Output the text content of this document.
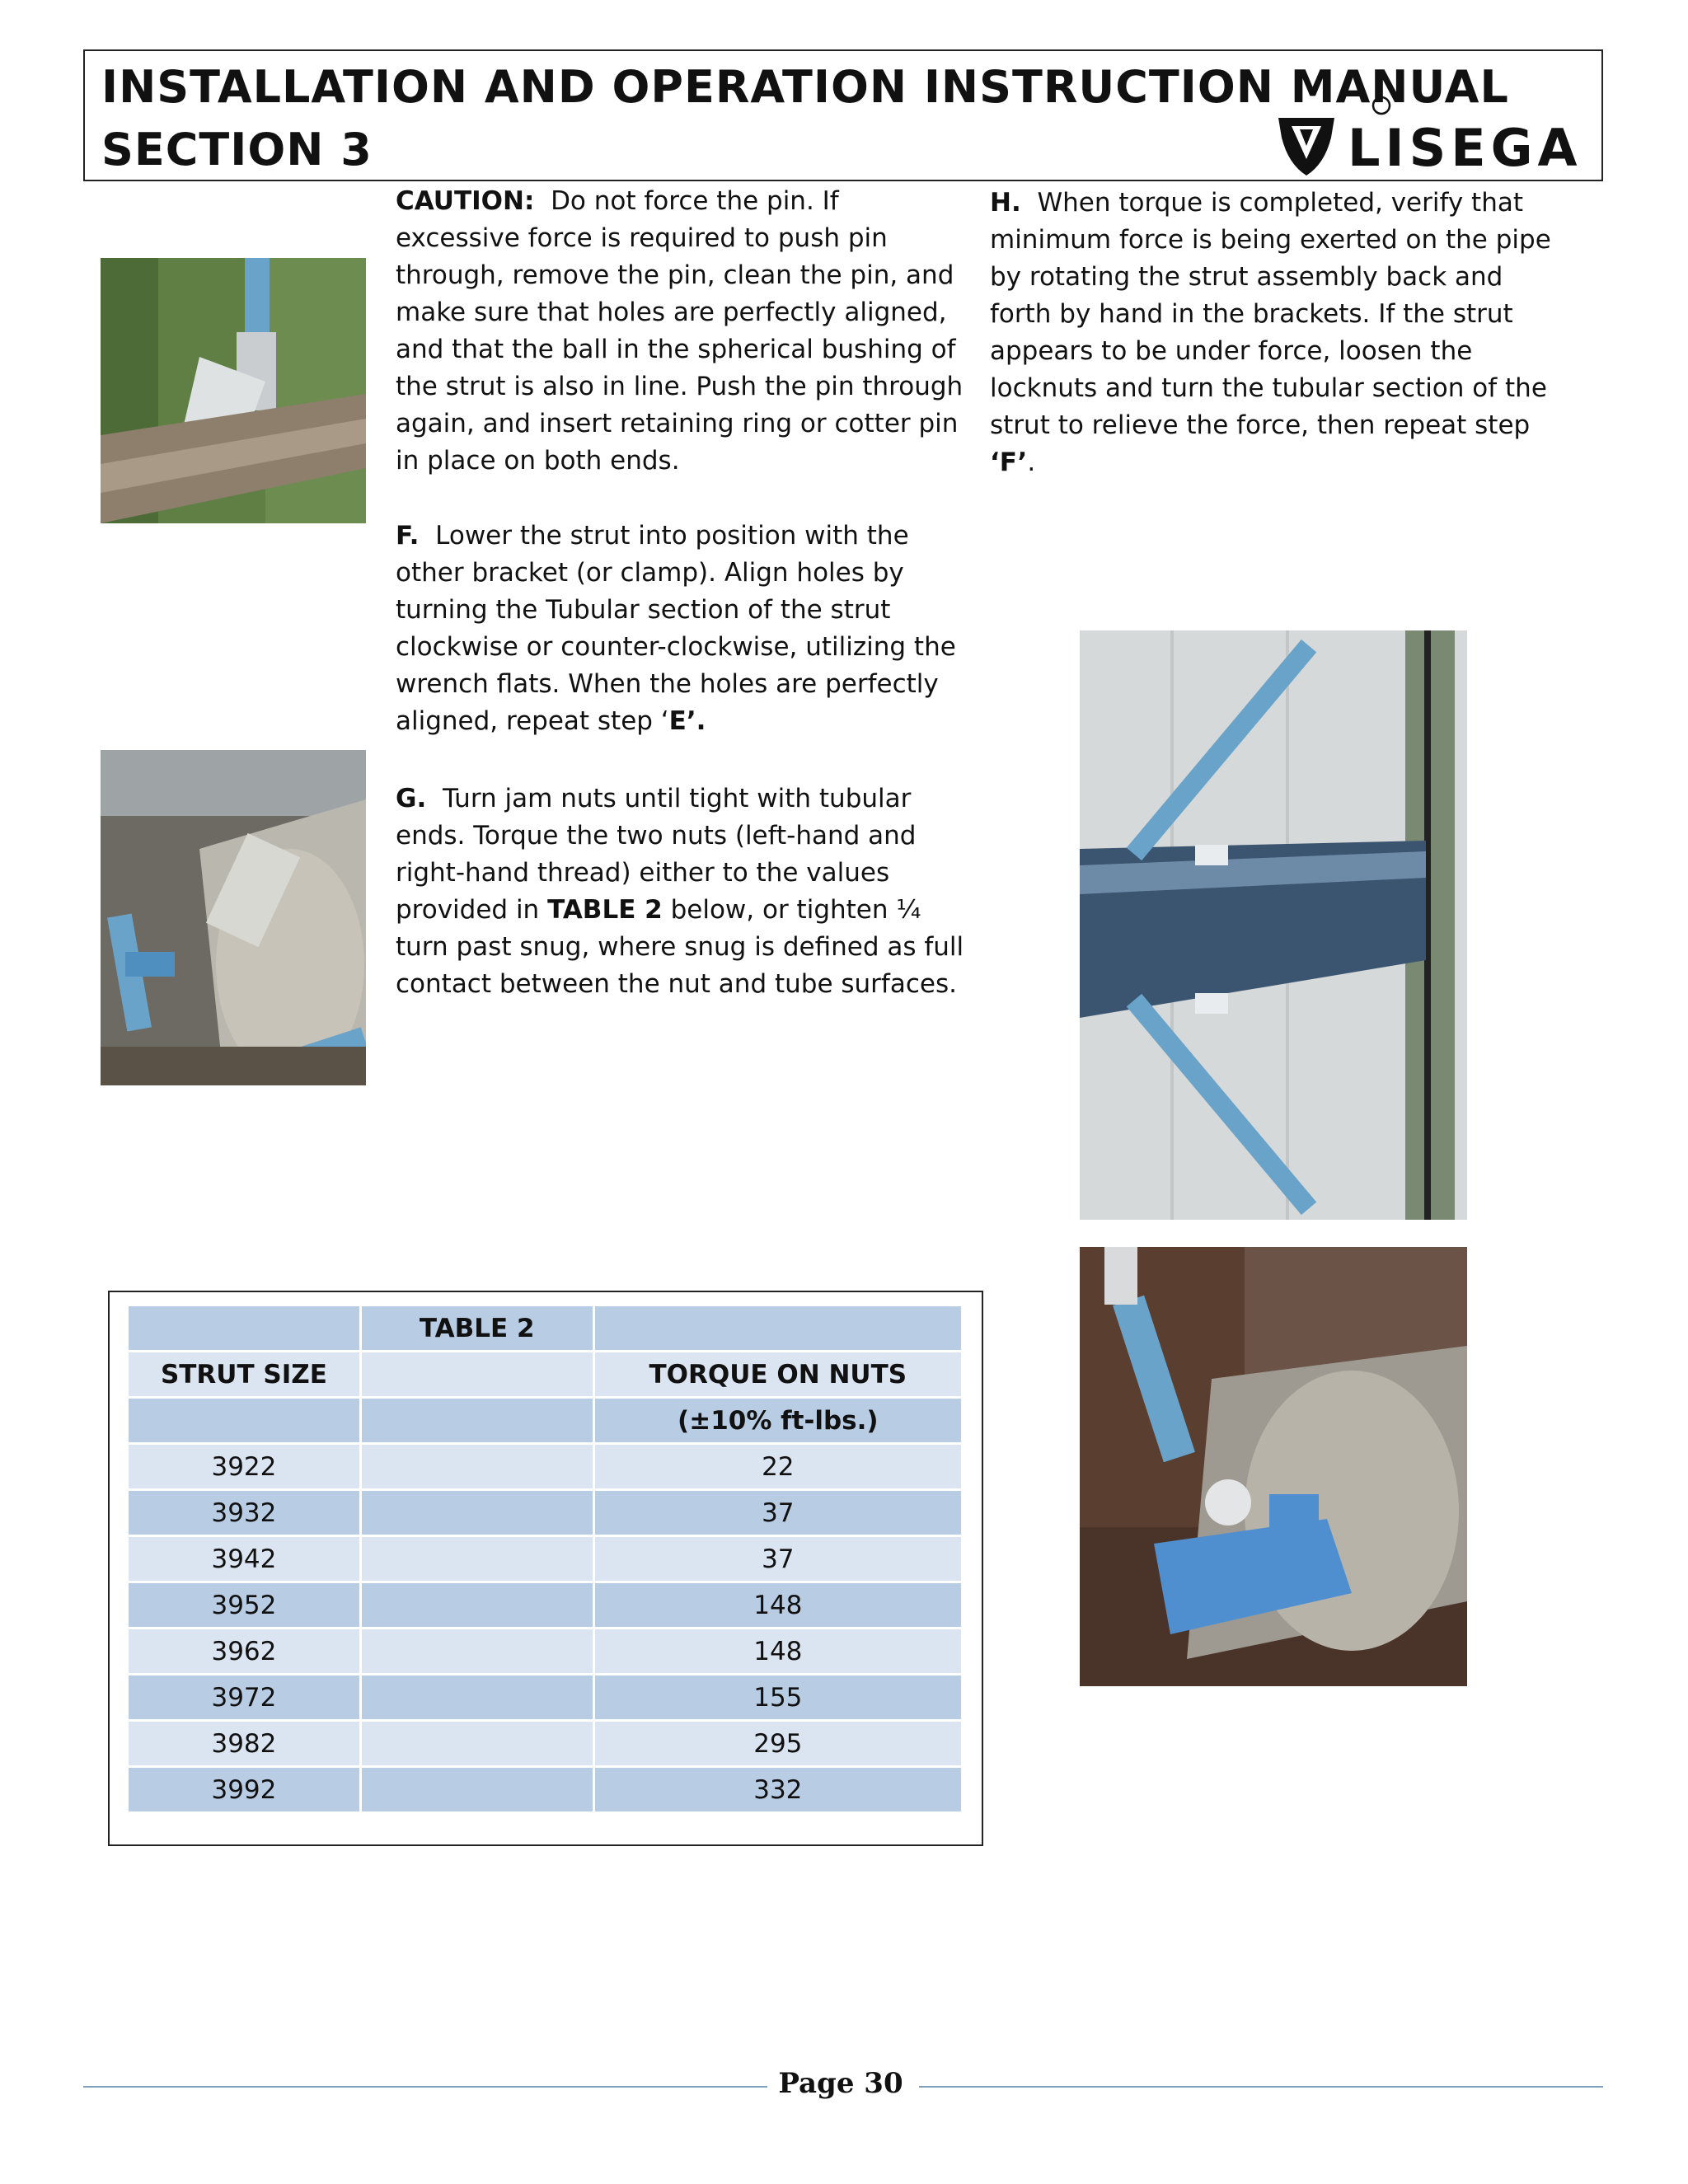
INSTALLATION AND OPERATION INSTRUCTION MANUAL
SECTION 3	LISEGA
CAUTION: Do not force the pin. If excessive force is required to push pin through, remove the pin, clean the pin, and make sure that holes are perfectly aligned, and that the ball in the spherical bushing of the strut is also in line. Push the pin through again, and insert retaining ring or cotter pin in place on both ends.
F. Lower the strut into position with the other bracket (or clamp). Align holes by turning the Tubular section of the strut clockwise or counter-clockwise, utilizing the wrench flats. When the holes are perfectly aligned, repeat step ‘E’.
G. Turn jam nuts until tight with tubular ends. Torque the two nuts (left-hand and right-hand thread) either to the values provided in TABLE 2 below, or tighten ¼ turn past snug, where snug is defined as full contact between the nut and tube surfaces.
H. When torque is completed, verify that minimum force is being exerted on the pipe by rotating the strut assembly back and forth by hand in the brackets. If the strut appears to be under force, loosen the locknuts and turn the tubular section of the strut to relieve the force, then repeat step ‘F’.
	TABLE 2	
STRUT SIZE		TORQUE ON NUTS
		(±10% ft-lbs.)
3922		22
3932		37
3942		37
3952		148
3962		148
3972		155
3982		295
3992		332
Page 30
